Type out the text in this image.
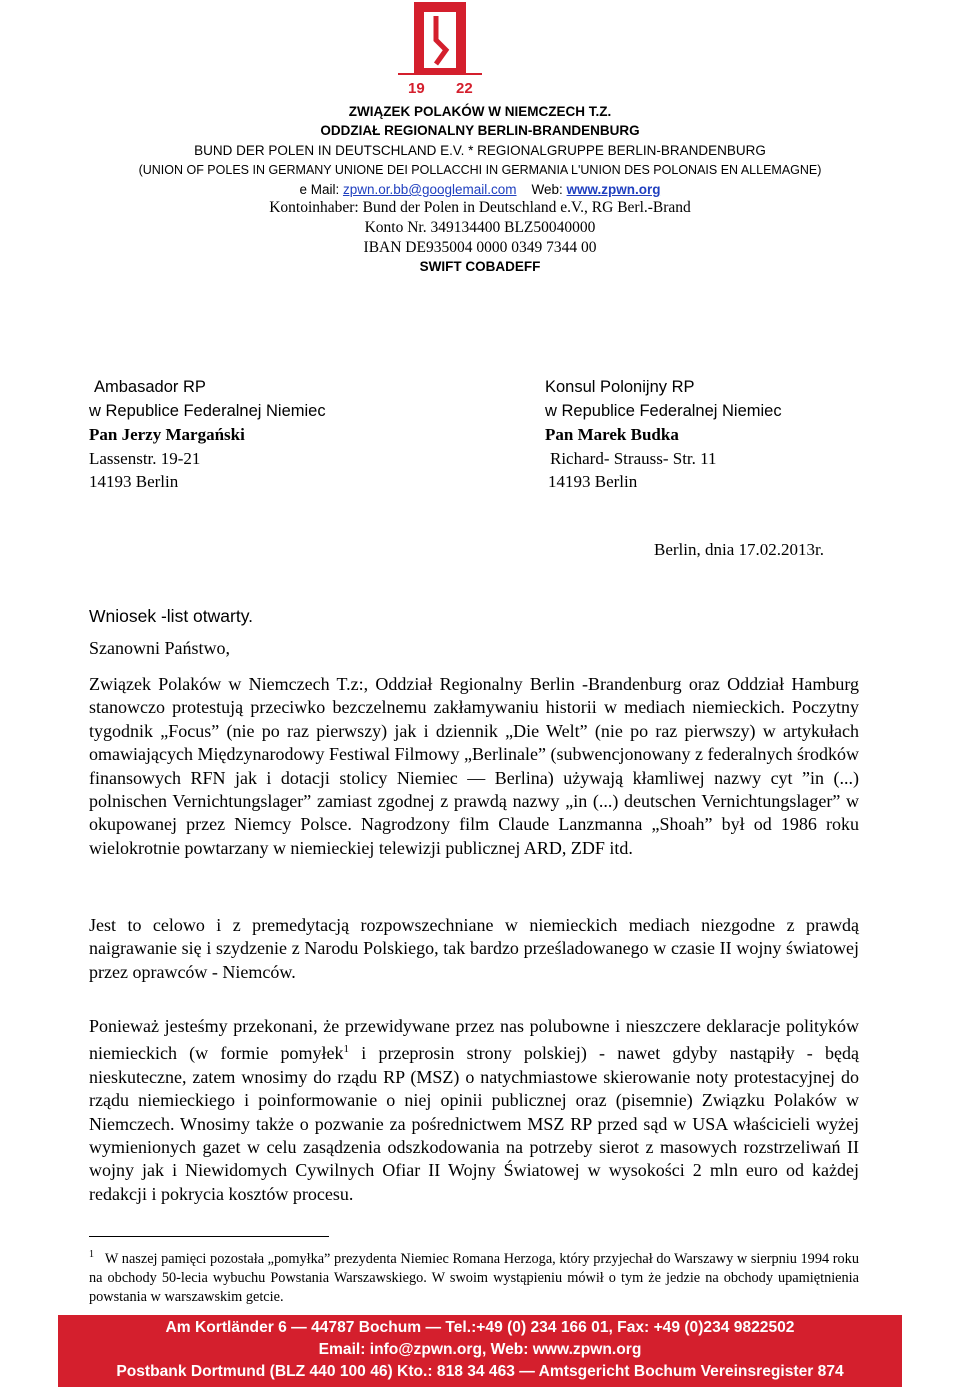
19 22
ZWIĄZEK POLAKÓW W NIEMCZECH T.Z.
ODDZIAŁ REGIONALNY BERLIN-BRANDENBURG
BUND DER POLEN IN DEUTSCHLAND E.V. * REGIONALGRUPPE BERLIN-BRANDENBURG
(UNION OF POLES IN GERMANY UNIONE DEI POLLACCHI IN GERMANIA L'UNION DES POLONAIS EN ALLEMAGNE)
e Mail: zpwn.or.bb@googlemail.com Web: www.zpwn.org
Kontoinhaber: Bund der Polen in Deutschland e.V., RG Berl.-Brand
Konto Nr. 349134400 BLZ50040000
IBAN DE935004 0000 0349 7344 00
SWIFT COBADEFF
Ambasador RP
w Republice Federalnej Niemiec
Pan Jerzy Margański
Lassenstr. 19-21
14193 Berlin
Konsul Polonijny RP
w Republice Federalnej Niemiec
Pan Marek Budka
Richard- Strauss- Str. 11
14193 Berlin
Berlin, dnia 17.02.2013r.
Wniosek -list otwarty.
Szanowni Państwo,
Związek Polaków w Niemczech T.z:, Oddział Regionalny Berlin -Brandenburg oraz Oddział Hamburg stanowczo protestują przeciwko bezczelnemu zakłamywaniu historii w mediach niemieckich. Poczytny tygodnik „Focus” (nie po raz pierwszy) jak i dziennik „Die Welt” (nie po raz pierwszy) w artykułach omawiających Międzynarodowy Festiwal Filmowy „Berlinale” (subwencjonowany z federalnych środków finansowych RFN jak i dotacji stolicy Niemiec — Berlina) używają kłamliwej nazwy cyt ”in (...) polnischen Vernichtungslager” zamiast zgodnej z prawdą nazwy „in (...) deutschen Vernichtungslager” w okupowanej przez Niemcy Polsce. Nagrodzony film Claude Lanzmanna „Shoah” był od 1986 roku wielokrotnie powtarzany w niemieckiej telewizji publicznej ARD, ZDF itd.
Jest to celowo i z premedytacją rozpowszechniane w niemieckich mediach niezgodne z prawdą naigrawanie się i szydzenie z Narodu Polskiego, tak bardzo prześladowanego w czasie II wojny światowej przez oprawców - Niemców.
Ponieważ jesteśmy przekonani, że przewidywane przez nas polubowne i nieszczere deklaracje polityków niemieckich (w formie pomyłek$^1$ i przeprosin strony polskiej) - nawet gdyby nastąpiły - będą nieskuteczne, zatem wnosimy do rządu RP (MSZ) o natychmiastowe skierowanie noty protestacyjnej do rządu niemieckiego i poinformowanie o niej opinii publicznej oraz (pisemnie) Związku Polaków w Niemczech. Wnosimy także o pozwanie za pośrednictwem MSZ RP przed sąd w USA właścicieli wyżej wymienionych gazet w celu zasądzenia odszkodowania na potrzeby sierot z masowych rozstrzeliwań II wojny jak i Niewidomych Cywilnych Ofiar II Wojny Światowej w wysokości 2 mln euro od każdej redakcji i pokrycia kosztów procesu.
$^1$ W naszej pamięci pozostała „pomyłka” prezydenta Niemiec Romana Herzoga, który przyjechał do Warszawy w sierpniu 1994 roku na obchody 50-lecia wybuchu Powstania Warszawskiego. W swoim wystąpieniu mówił o tym że jedzie na obchody upamiętnienia powstania w warszawskim getcie.
Am Kortländer 6 — 44787 Bochum — Tel.:+49 (0) 234 166 01, Fax: +49 (0)234 9822502
Email: info@zpwn.org, Web: www.zpwn.org
Postbank Dortmund (BLZ 440 100 46) Kto.: 818 34 463 — Amtsgericht Bochum Vereinsregister 874
